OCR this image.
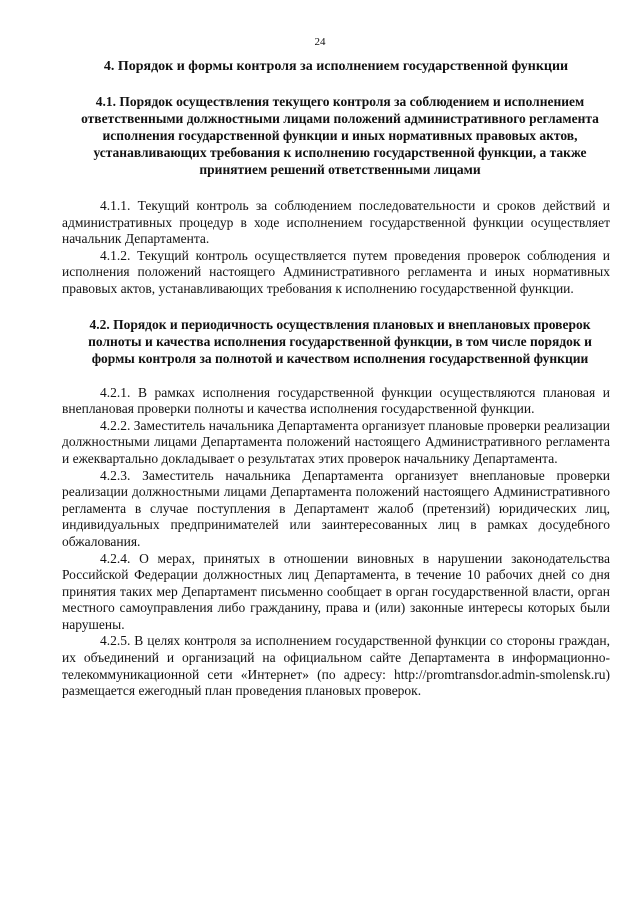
24
4. Порядок и формы контроля за исполнением государственной функции
4.1. Порядок осуществления текущего контроля за соблюдением и исполнением ответственными должностными лицами положений административного регламента исполнения государственной функции и иных нормативных правовых актов, устанавливающих требования к исполнению государственной функции, а также принятием решений ответственными лицами

4.1.1. Текущий контроль за соблюдением последовательности и сроков действий и административных процедур в ходе исполнением государственной функции осуществляет начальник Департамента.

4.1.2. Текущий контроль осуществляется путем проведения проверок соблюдения и исполнения положений настоящего Административного регламента и иных нормативных правовых актов, устанавливающих требования к исполнению государственной функции.

4.2. Порядок и периодичность осуществления плановых и внеплановых проверок полноты и качества исполнения государственной функции, в том числе порядок и формы контроля за полнотой и качеством исполнения государственной функции

4.2.1. В рамках исполнения государственной функции осуществляются плановая и внеплановая проверки полноты и качества исполнения государственной функции.

4.2.2. Заместитель начальника Департамента организует плановые проверки реализации должностными лицами Департамента положений настоящего Административного регламента и ежеквартально докладывает о результатах этих проверок начальнику Департамента.

4.2.3. Заместитель начальника Департамента организует внеплановые проверки реализации должностными лицами Департамента положений настоящего Административного регламента в случае поступления в Департамент жалоб (претензий) юридических лиц, индивидуальных предпринимателей или заинтересованных лиц в рамках досудебного обжалования.

4.2.4. О мерах, принятых в отношении виновных в нарушении законодательства Российской Федерации должностных лиц Департамента, в течение 10 рабочих дней со дня принятия таких мер Департамент письменно сообщает в орган государственной власти, орган местного самоуправления либо гражданину, права и (или) законные интересы которых были нарушены.

4.2.5. В целях контроля за исполнением государственной функции со стороны граждан, их объединений и организаций на официальном сайте Департамента в информационно-телекоммуникационной сети «Интернет» (по адресу: http://promtransdor.admin-smolensk.ru) размещается ежегодный план проведения плановых проверок.
